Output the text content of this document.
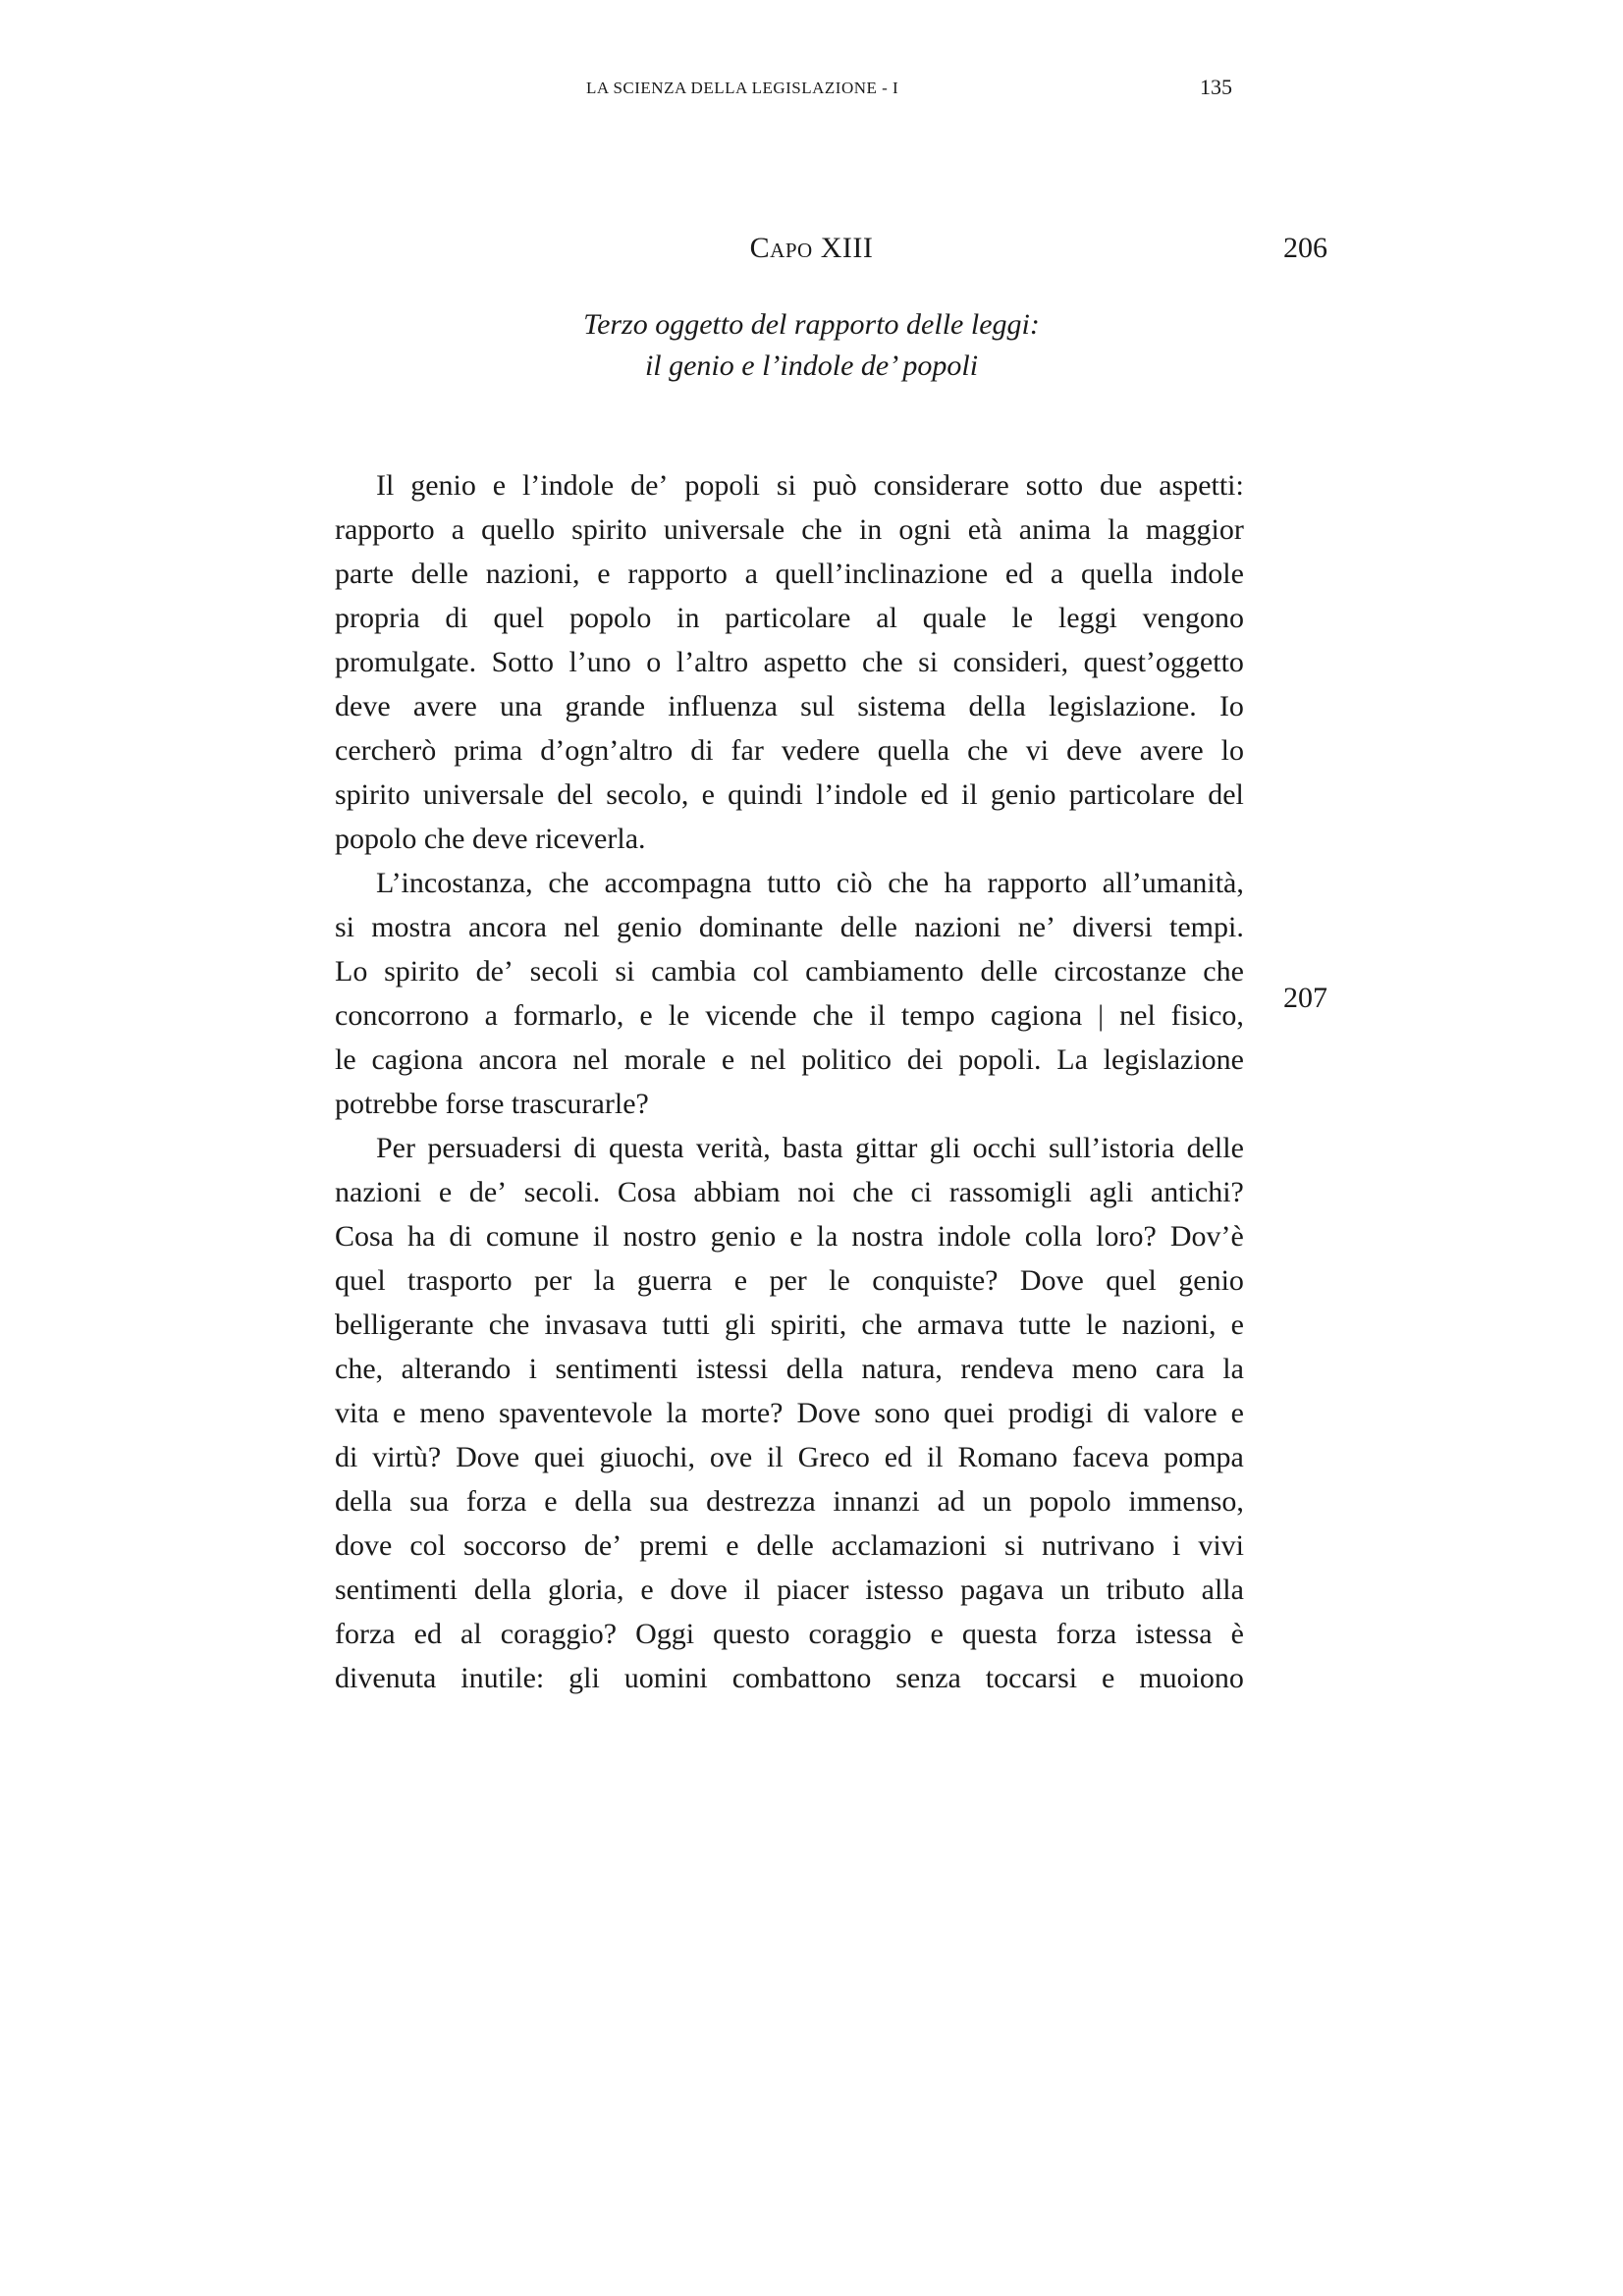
LA SCIENZA DELLA LEGISLAZIONE - I	135
Capo XIII	206
Terzo oggetto del rapporto delle leggi:
il genio e l’indole de’ popoli
207
Il genio e l’indole de’ popoli si può considerare sotto due aspetti:
rapporto a quello spirito universale che in ogni età anima la maggior
parte delle nazioni, e rapporto a quell’inclinazione ed a quella indole
propria di quel popolo in particolare al quale le leggi vengono
promulgate. Sotto l’uno o l’altro aspetto che si consideri, quest’oggetto
deve avere una grande influenza sul sistema della legislazione. Io
cercherò prima d’ogn’altro di far vedere quella che vi deve avere lo
spirito universale del secolo, e quindi l’indole ed il genio particolare del
popolo che deve riceverla.
L’incostanza, che accompagna tutto ciò che ha rapporto all’umanità,
si mostra ancora nel genio dominante delle nazioni ne’ diversi tempi.
Lo spirito de’ secoli si cambia col cambiamento delle circostanze che
concorrono a formarlo, e le vicende che il tempo cagiona | nel fisico,
le cagiona ancora nel morale e nel politico dei popoli. La legislazione
potrebbe forse trascurarle?
Per persuadersi di questa verità, basta gittar gli occhi sull’istoria delle
nazioni e de’ secoli. Cosa abbiam noi che ci rassomigli agli antichi?
Cosa ha di comune il nostro genio e la nostra indole colla loro? Dov’è
quel trasporto per la guerra e per le conquiste? Dove quel genio
belligerante che invasava tutti gli spiriti, che armava tutte le nazioni, e
che, alterando i sentimenti istessi della natura, rendeva meno cara la
vita e meno spaventevole la morte? Dove sono quei prodigi di valore e
di virtù? Dove quei giuochi, ove il Greco ed il Romano faceva pompa
della sua forza e della sua destrezza innanzi ad un popolo immenso,
dove col soccorso de’ premi e delle acclamazioni si nutrivano i vivi
sentimenti della gloria, e dove il piacer istesso pagava un tributo alla
forza ed al coraggio? Oggi questo coraggio e questa forza istessa è
divenuta inutile: gli uomini combattono senza toccarsi e muoiono
